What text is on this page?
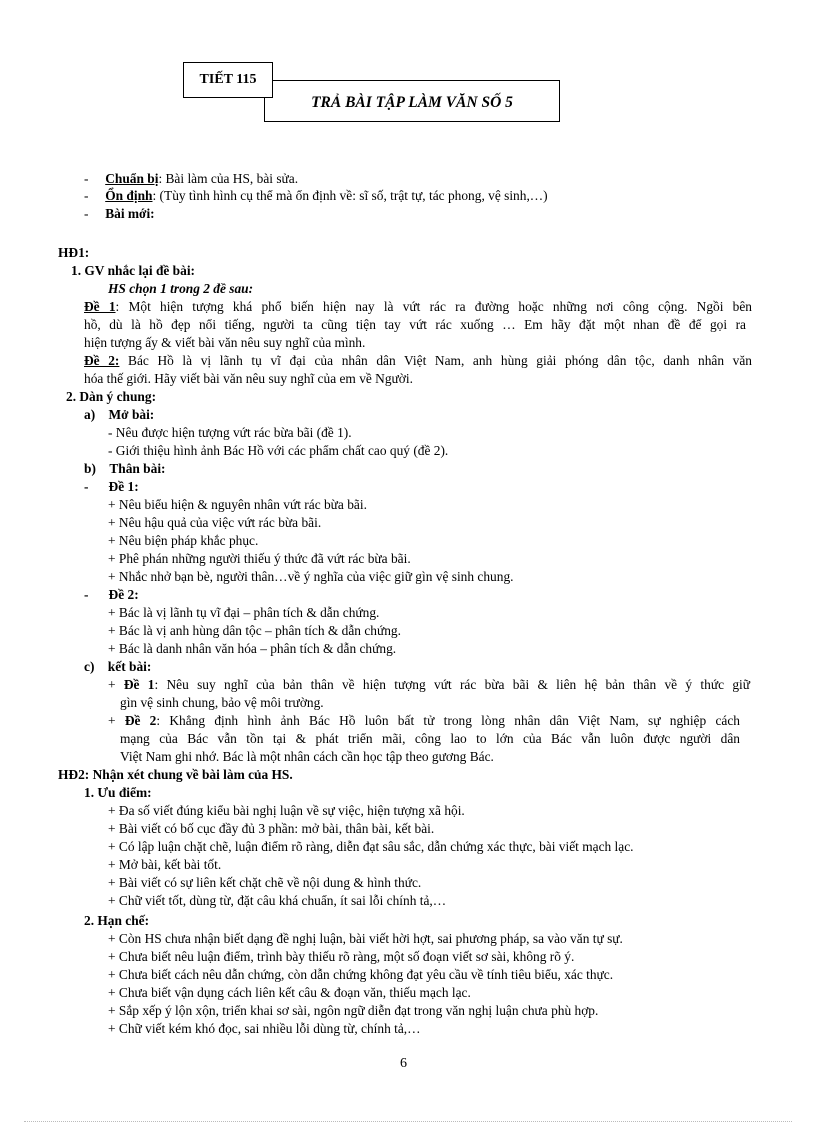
TIẾT 115
TRẢ BÀI TẬP LÀM VĂN SỐ 5
-     Chuẩn bị: Bài làm của HS, bài sửa.
-     Ổn định: (Tùy tình hình cụ thể mà ổn định về: sĩ số, trật tự, tác phong, vệ sinh,…)
-     Bài mới:
HĐ1:
1. GV nhắc lại đề bài:
HS chọn 1 trong 2 đề sau:
Đề 1: Một hiện tượng khá phổ biến hiện nay là vứt rác ra đường hoặc những nơi công cộng. Ngồi bên
hồ, dù là hồ đẹp nổi tiếng, người ta cũng tiện tay vứt rác xuống … Em hãy đặt một nhan đề để gọi ra
hiện tượng ấy & viết bài văn nêu suy nghĩ của mình.
Đề 2: Bác Hồ là vị lãnh tụ vĩ đại của nhân dân Việt Nam, anh hùng giải phóng dân tộc, danh nhân văn
hóa thế giới. Hãy viết bài văn nêu suy nghĩ của em về Người.
2. Dàn ý chung:
a) Mở bài:
- Nêu được hiện tượng vứt rác bừa bãi (đề 1).
- Giới thiệu hình ảnh Bác Hồ với các phẩm chất cao quý (đề 2).
b) Thân bài:
-      Đề 1:
+ Nêu biểu hiện & nguyên nhân vứt rác bừa bãi.
+ Nêu hậu quả của việc vứt rác bừa bãi.
+ Nêu biện pháp khắc phục.
+ Phê phán những người thiếu ý thức đã vứt rác bừa bãi.
+ Nhắc nhở bạn bè, người thân…về ý nghĩa của việc giữ gìn vệ sinh chung.
-      Đề 2:
+ Bác là vị lãnh tụ vĩ đại – phân tích & dẫn chứng.
+ Bác là vị anh hùng dân tộc – phân tích & dẫn chứng.
+ Bác là danh nhân văn hóa – phân tích & dẫn chứng.
c) kết bài:
+ Đề 1: Nêu suy nghĩ của bản thân về hiện tượng vứt rác bừa bãi & liên hệ bản thân về ý thức giữ
gìn vệ sinh chung, bảo vệ môi trường.
+ Đề 2: Khẳng định hình ảnh Bác Hồ luôn bất tử trong lòng nhân dân Việt Nam, sự nghiệp cách
mạng của Bác vẫn tồn tại & phát triển mãi, công lao to lớn của Bác vẫn luôn được người dân
Việt Nam ghi nhớ. Bác là một nhân cách cần học tập theo gương Bác.
HĐ2: Nhận xét chung về bài làm của HS.
1. Ưu điểm:
+ Đa số viết đúng kiểu bài nghị luận về sự việc, hiện tượng xã hội.
+ Bài viết có bố cục đầy đủ 3 phần: mở bài, thân bài, kết bài.
+ Có lập luận chặt chẽ, luận điểm rõ ràng, diễn đạt sâu sắc, dẫn chứng xác thực, bài viết mạch lạc.
+ Mở bài, kết bài tốt.
+ Bài viết có sự liên kết chặt chẽ về nội dung & hình thức.
+ Chữ viết tốt, dùng từ, đặt câu khá chuẩn, ít sai lỗi chính tả,…
2. Hạn chế:
+ Còn HS chưa nhận biết dạng đề nghị luận, bài viết hời hợt, sai phương pháp, sa vào văn tự sự.
+ Chưa biết nêu luận điểm, trình bày thiếu rõ ràng, một số đoạn viết sơ sài, không rõ ý.
+ Chưa biết cách nêu dẫn chứng, còn dẫn chứng không đạt yêu cầu về tính tiêu biểu, xác thực.
+ Chưa biết vận dụng cách liên kết câu & đoạn văn, thiếu mạch lạc.
+ Sắp xếp ý lộn xộn, triển khai sơ sài, ngôn ngữ diễn đạt trong văn nghị luận chưa phù hợp.
+ Chữ viết kém khó đọc, sai nhiều lỗi dùng từ, chính tả,…
6
